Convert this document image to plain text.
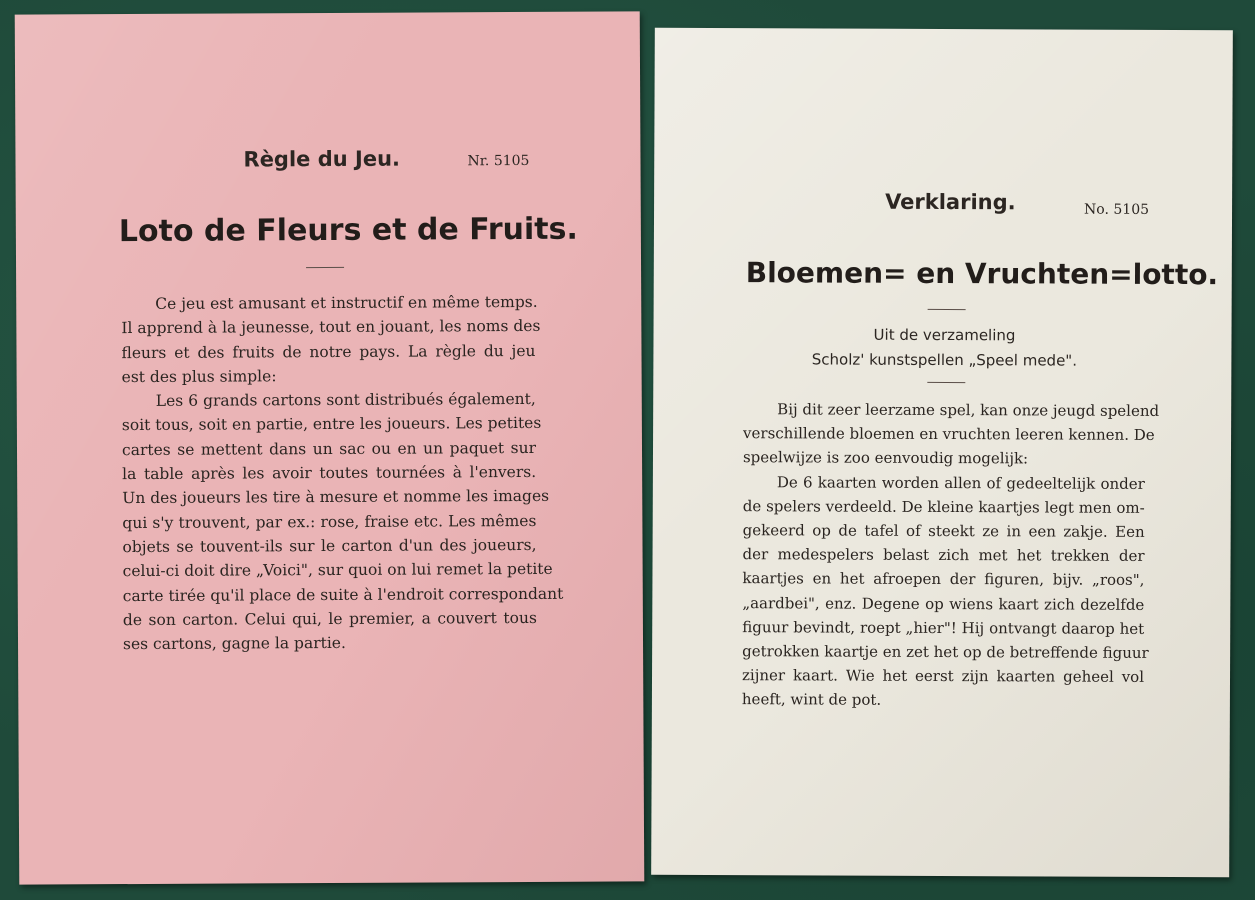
Règle du Jeu.	Nr. 5105
Loto de Fleurs et de Fruits.
Ce jeu est amusant et instructif en même temps.
Il apprend à la jeunesse, tout en jouant, les noms des
fleurs et des fruits de notre pays. La règle du jeu
est des plus simple:
Les 6 grands cartons sont distribués également,
soit tous, soit en partie, entre les joueurs. Les petites
cartes se mettent dans un sac ou en un paquet sur
la table après les avoir toutes tournées à l'envers.
Un des joueurs les tire à mesure et nomme les images
qui s'y trouvent, par ex.: rose, fraise etc. Les mêmes
objets se touvent-ils sur le carton d'un des joueurs,
celui-ci doit dire „Voici", sur quoi on lui remet la petite
carte tirée qu'il place de suite à l'endroit correspondant
de son carton. Celui qui, le premier, a couvert tous
ses cartons, gagne la partie.
Verklaring.	No. 5105
Bloemen= en Vruchten=lotto.
Uit de verzameling
Scholz' kunstspellen „Speel mede".
Bij dit zeer leerzame spel, kan onze jeugd spelend
verschillende bloemen en vruchten leeren kennen. De
speelwijze is zoo eenvoudig mogelijk:
De 6 kaarten worden allen of gedeeltelijk onder
de spelers verdeeld. De kleine kaartjes legt men om-
gekeerd op de tafel of steekt ze in een zakje. Een
der medespelers belast zich met het trekken der
kaartjes en het afroepen der figuren, bijv. „roos",
„aardbei", enz. Degene op wiens kaart zich dezelfde
figuur bevindt, roept „hier"! Hij ontvangt daarop het
getrokken kaartje en zet het op de betreffende figuur
zijner kaart. Wie het eerst zijn kaarten geheel vol
heeft, wint de pot.
